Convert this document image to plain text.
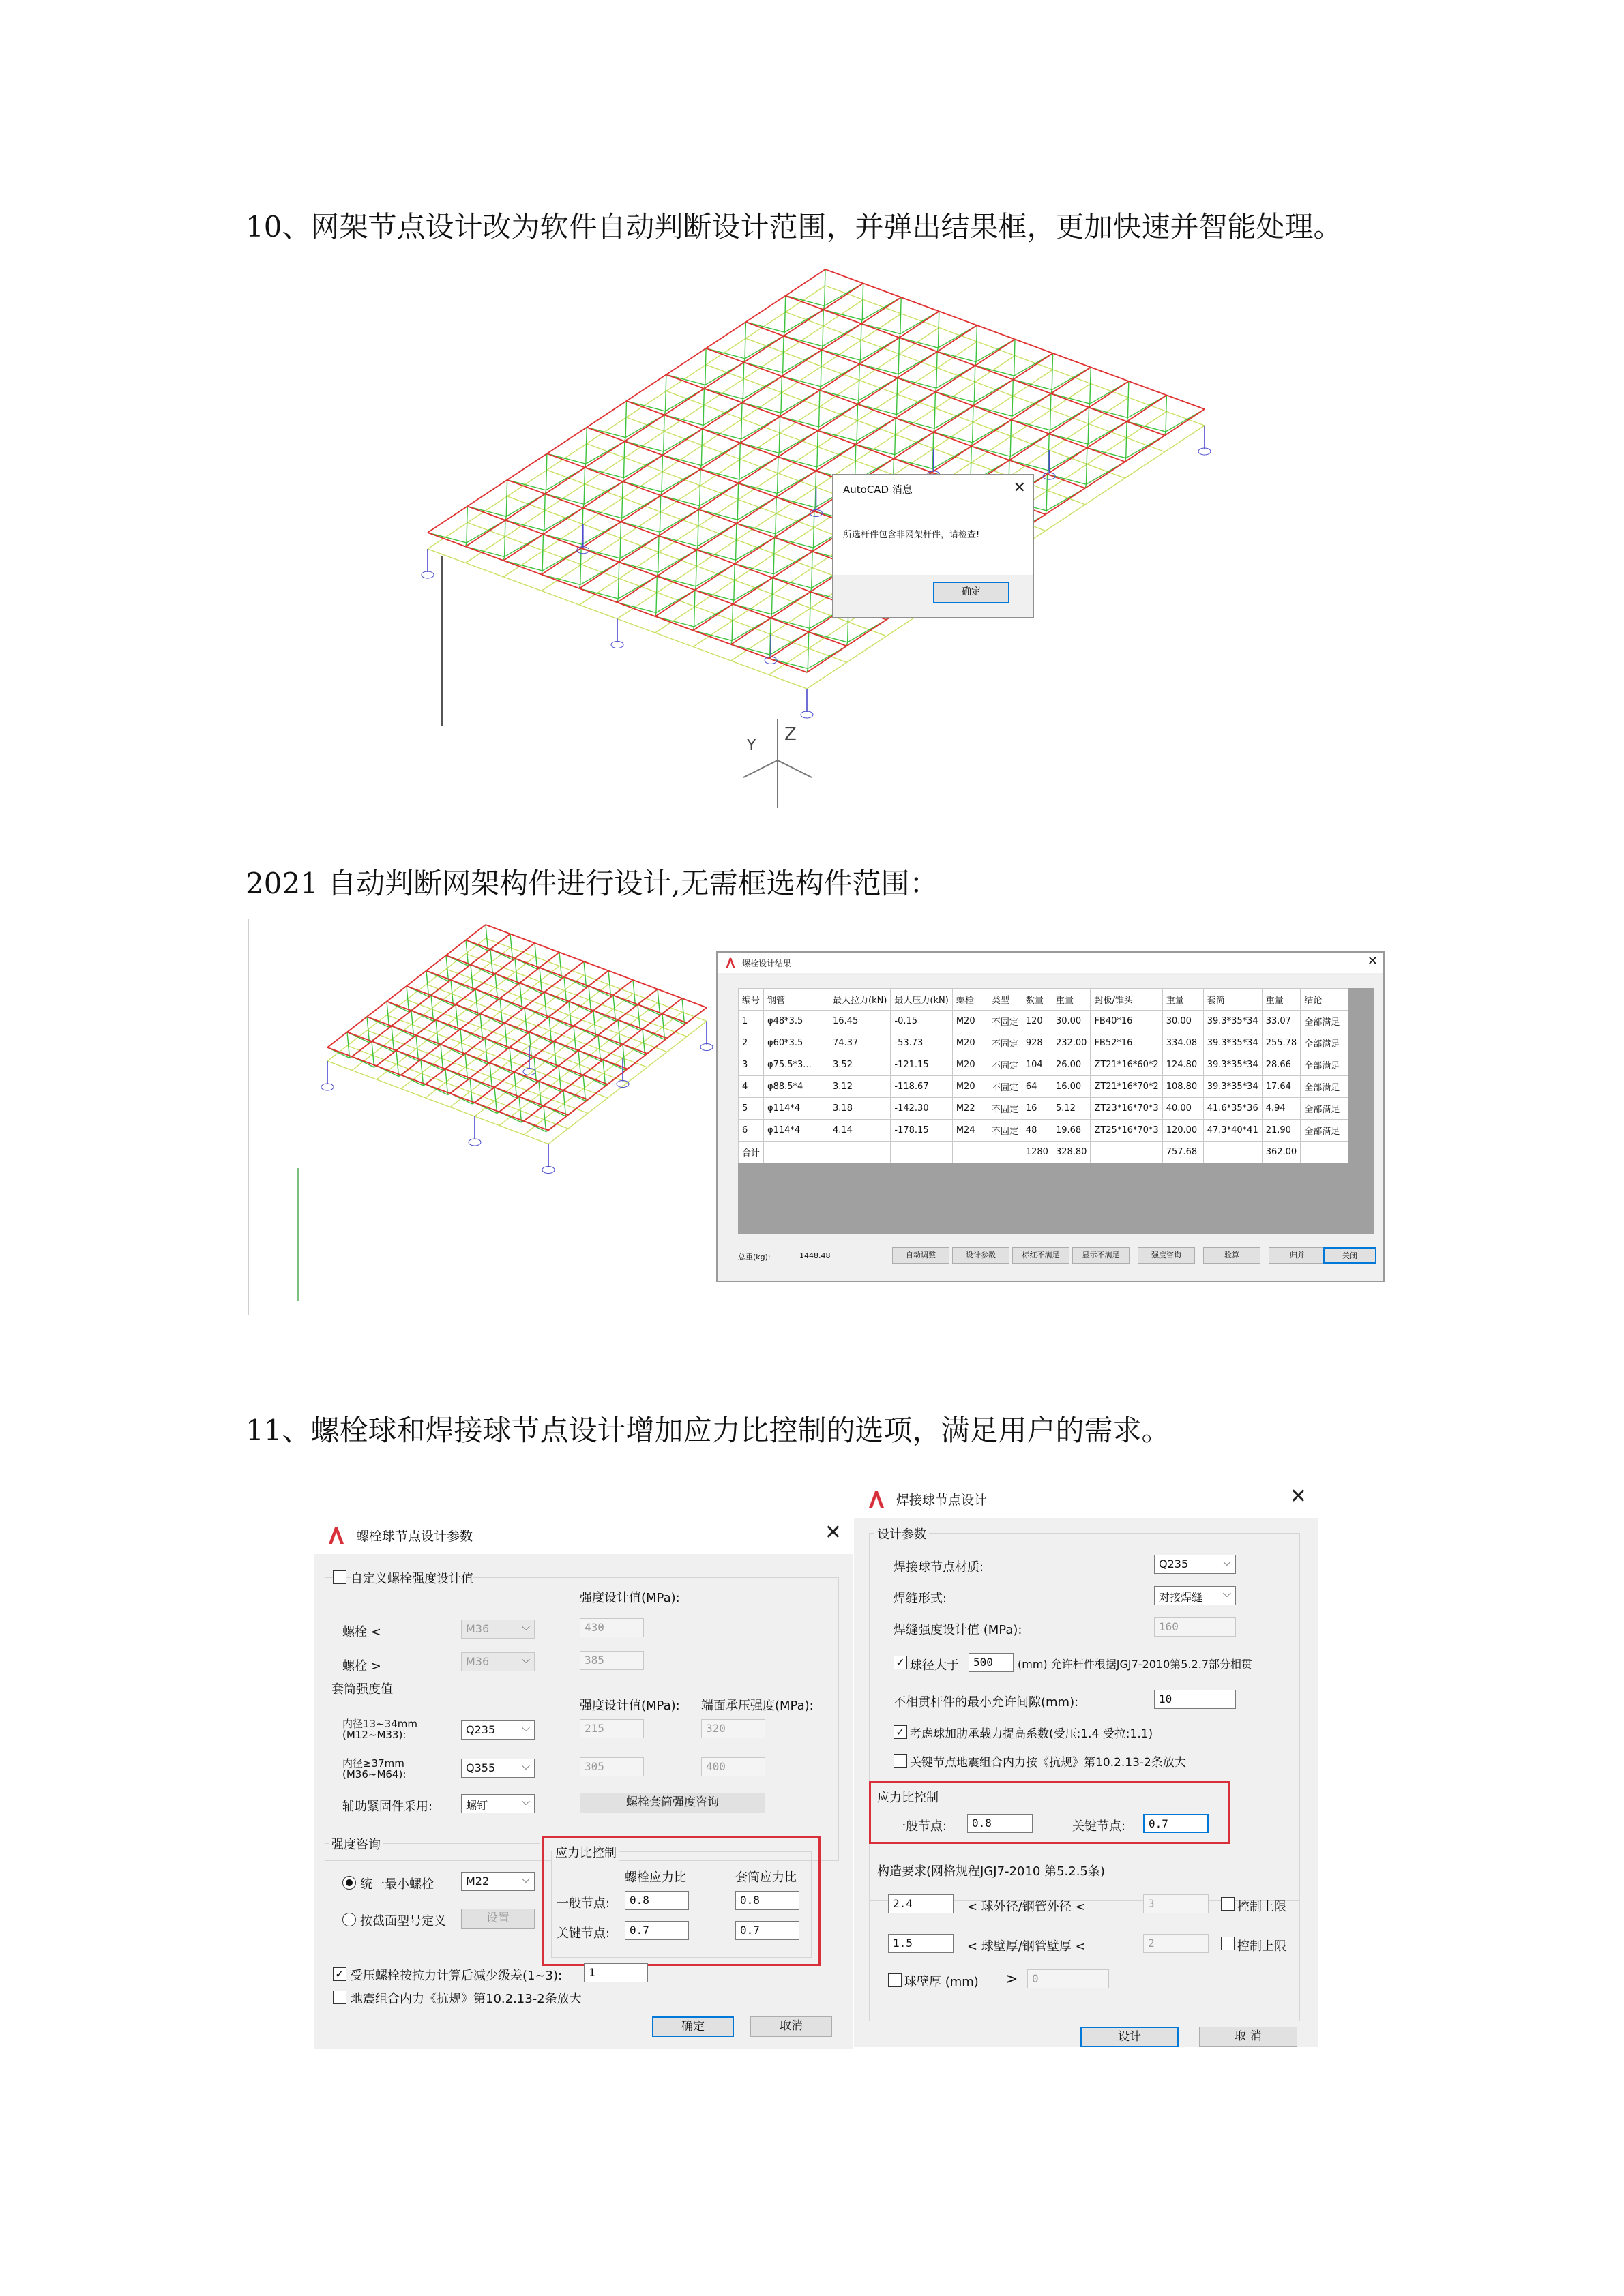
10、网架节点设计改为软件自动判断设计范围，并弹出结果框，更加快速并智能处理。
Z
Y
AutoCAD 消息	✕
所选杆件包含非网架杆件，请检查!
确定
2021 自动判断网架构件进行设计,无需框选构件范围：
螺栓设计结果	✕
编号	钢管	最大拉力(kN)	最大压力(kN)	螺栓	类型	数量	重量	封板/锥头	重量	套筒	重量	结论
1	φ48*3.5	16.45	-0.15	M20	不固定	120	30.00	FB40*16	30.00	39.3*35*34	33.07	全部满足
2	φ60*3.5	74.37	-53.73	M20	不固定	928	232.00	FB52*16	334.08	39.3*35*34	255.78	全部满足
3	φ75.5*3...	3.52	-121.15	M20	不固定	104	26.00	ZT21*16*60*2	124.80	39.3*35*34	28.66	全部满足
4	φ88.5*4	3.12	-118.67	M20	不固定	64	16.00	ZT21*16*70*2	108.80	39.3*35*34	17.64	全部满足
5	φ114*4	3.18	-142.30	M22	不固定	16	5.12	ZT23*16*70*3	40.00	41.6*35*36	4.94	全部满足
6	φ114*4	4.14	-178.15	M24	不固定	48	19.68	ZT25*16*70*3	120.00	47.3*40*41	21.90	全部满足
合计						1280	328.80		757.68		362.00	
总重(kg):	1448.48	自动调整	设计参数	标红不满足	显示不满足	强度咨询	验算	归并	关闭
11、螺栓球和焊接球节点设计增加应力比控制的选项，满足用户的需求。
螺栓球节点设计参数	✕
自定义螺栓强度设计值
强度设计值(MPa):
螺栓 <	M36 ⌵	430
螺栓 >	M36 ⌵	385
套筒强度值
强度设计值(MPa): 端面承压强度(MPa):
内径13~34mm
(M12~M33):	Q235 ⌵	215	320
内径≥37mm
(M36~M64):	Q355 ⌵	305	400
辅助紧固件采用:	螺钉 ⌵	螺栓套筒强度咨询
强度咨询
统一最小螺栓	M22 ⌵
按截面型号定义	设置
应力比控制
螺栓应力比	套筒应力比
一般节点:	0.8	0.8
关键节点:	0.7	0.7
✓ 受压螺栓按拉力计算后减少级差(1~3):	1
地震组合内力《抗规》第10.2.13-2条放大
确定	取消
焊接球节点设计	✕
设计参数
焊接球节点材质:	Q235 ⌵
焊缝形式:	对接焊缝 ⌵
焊缝强度设计值 (MPa):	160
✓ 球径大于	500	(mm) 允许杆件根据JGJ7-2010第5.2.7部分相贯
不相贯杆件的最小允许间隙(mm):	10
✓ 考虑球加肋承载力提高系数(受压:1.4 受拉:1.1)
关键节点地震组合内力按《抗规》第10.2.13-2条放大
应力比控制
一般节点:	0.8	关键节点:	0.7
构造要求(网格规程JGJ7-2010 第5.2.5条)
2.4	< 球外径/钢管外径 <	3	控制上限
1.5	< 球壁厚/钢管壁厚 <	2	控制上限
球壁厚 (mm) >	0
设计	取 消
